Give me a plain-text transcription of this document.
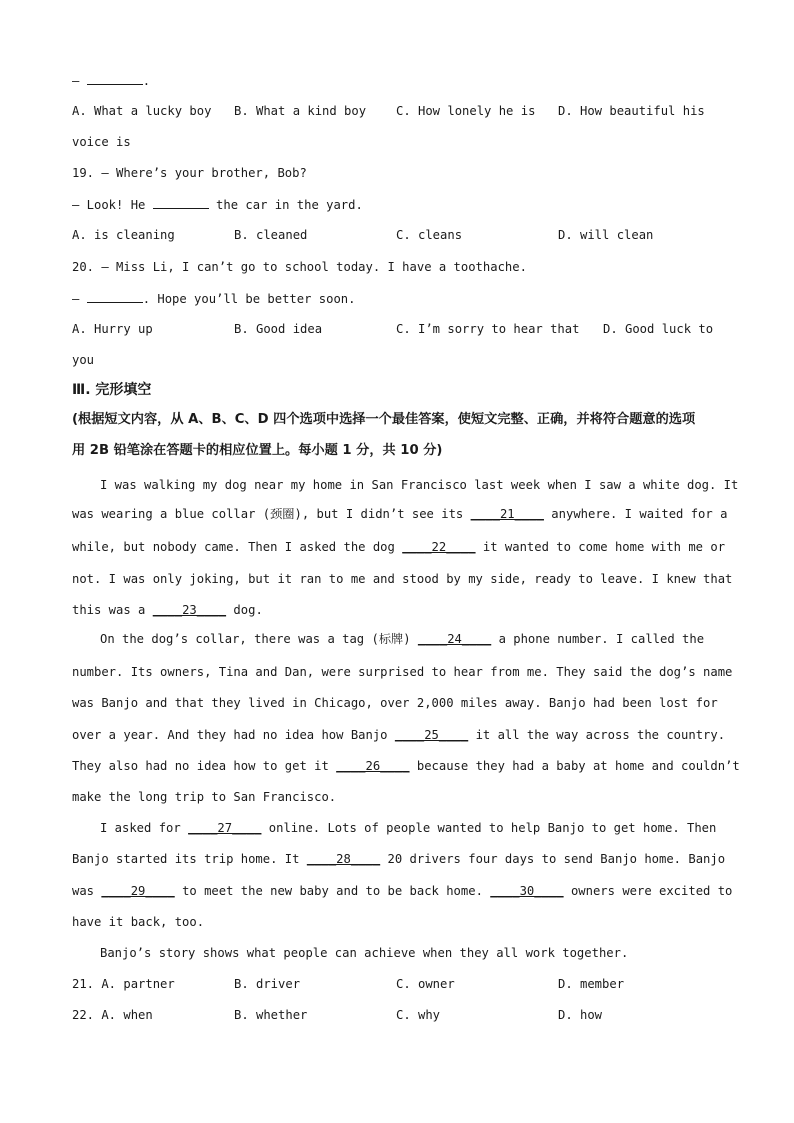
—	.
A. What a lucky boy B. What a kind boy C. How lonely he is D. How beautiful his
voice is
19. — Where’s your brother, Bob?
— Look! He	the car in the yard.
A. is cleaning	B. cleaned	C. cleans	D. will clean
20. — Miss Li, I can’t go to school today. I have a toothache.
—	. Hope you’ll be better soon.
A. Hurry up	B. Good idea	C. I’m sorry to hear that D. Good luck to
you
Ⅲ. 完形填空
(根据短文内容，从 A、B、C、D 四个选项中选择一个最佳答案，使短文完整、正确，并将符合题意的选项
用 2B 铅笔涂在答题卡的相应位置上。每小题 1 分，共 10 分)
I was walking my dog near my home in San Francisco last week when I saw a white dog. It
was wearing a blue collar (颈圈), but I didn’t see its ____21____ anywhere. I waited for a
while, but nobody came. Then I asked the dog ____22____ it wanted to come home with me or
not. I was only joking, but it ran to me and stood by my side, ready to leave. I knew that
this was a ____23____ dog.
On the dog’s collar, there was a tag (标牌) ____24____ a phone number. I called the
number. Its owners, Tina and Dan, were surprised to hear from me. They said the dog’s name
was Banjo and that they lived in Chicago, over 2,000 miles away. Banjo had been lost for
over a year. And they had no idea how Banjo ____25____ it all the way across the country.
They also had no idea how to get it ____26____ because they had a baby at home and couldn’t
make the long trip to San Francisco.
I asked for ____27____ online. Lots of people wanted to help Banjo to get home. Then
Banjo started its trip home. It ____28____ 20 drivers four days to send Banjo home. Banjo
was ____29____ to meet the new baby and to be back home. ____30____ owners were excited to
have it back, too.
Banjo’s story shows what people can achieve when they all work together.
21. A. partner	B. driver	C. owner	D. member
22. A. when	B. whether	C. why	D. how
